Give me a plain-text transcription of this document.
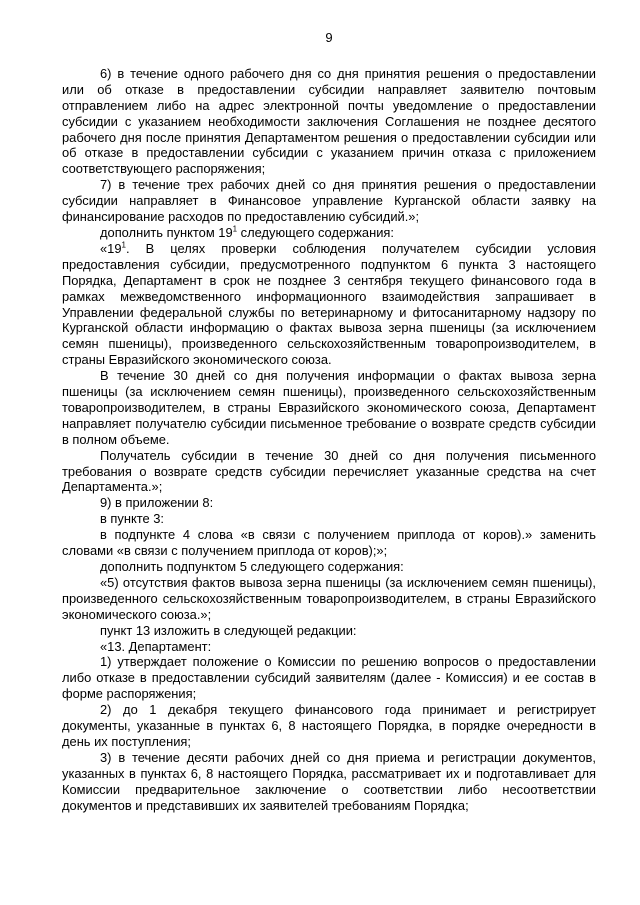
9

6) в течение одного рабочего дня со дня принятия решения о предоставлении или об отказе в предоставлении субсидии направляет заявителю почтовым отправлением либо на адрес электронной почты уведомление о предоставлении субсидии с указанием необходимости заключения Соглашения не позднее десятого рабочего дня после принятия Департаментом решения о предоставлении субсидии или об отказе в предоставлении субсидии с указанием причин отказа с приложением соответствующего распоряжения;

7) в течение трех рабочих дней со дня принятия решения о предоставлении субсидии направляет в Финансовое управление Курганской области заявку на финансирование расходов по предоставлению субсидий.»;

дополнить пунктом $19^1$ следующего содержания:

«$19^1$. В целях проверки соблюдения получателем субсидии условия предоставления субсидии, предусмотренного подпунктом 6 пункта 3 настоящего Порядка, Департамент в срок не позднее 3 сентября текущего финансового года в рамках межведомственного информационного взаимодействия запрашивает в Управлении федеральной службы по ветеринарному и фитосанитарному надзору по Курганской области информацию о фактах вывоза зерна пшеницы (за исключением семян пшеницы), произведенного сельскохозяйственным товаропроизводителем, в страны Евразийского экономического союза.

В течение 30 дней со дня получения информации о фактах вывоза зерна пшеницы (за исключением семян пшеницы), произведенного сельскохозяйственным товаропроизводителем, в страны Евразийского экономического союза, Департамент направляет получателю субсидии письменное требование о возврате средств субсидии в полном объеме.

Получатель субсидии в течение 30 дней со дня получения письменного требования о возврате средств субсидии перечисляет указанные средства на счет Департамента.»;

9) в приложении 8:

в пункте 3:

в подпункте 4 слова «в связи с получением приплода от коров).» заменить словами «в связи с получением приплода от коров);»;

дополнить подпунктом 5 следующего содержания:

«5) отсутствия фактов вывоза зерна пшеницы (за исключением семян пшеницы), произведенного сельскохозяйственным товаропроизводителем, в страны Евразийского экономического союза.»;

пункт 13 изложить в следующей редакции:

«13. Департамент:

1) утверждает положение о Комиссии по решению вопросов о предоставлении либо отказе в предоставлении субсидий заявителям (далее - Комиссия) и ее состав в форме распоряжения;

2) до 1 декабря текущего финансового года принимает и регистрирует документы, указанные в пунктах 6, 8 настоящего Порядка, в порядке очередности в день их поступления;

3) в течение десяти рабочих дней со дня приема и регистрации документов, указанных в пунктах 6, 8 настоящего Порядка, рассматривает их и подготавливает для Комиссии предварительное заключение о соответствии либо несоответствии документов и представивших их заявителей требованиям Порядка;
